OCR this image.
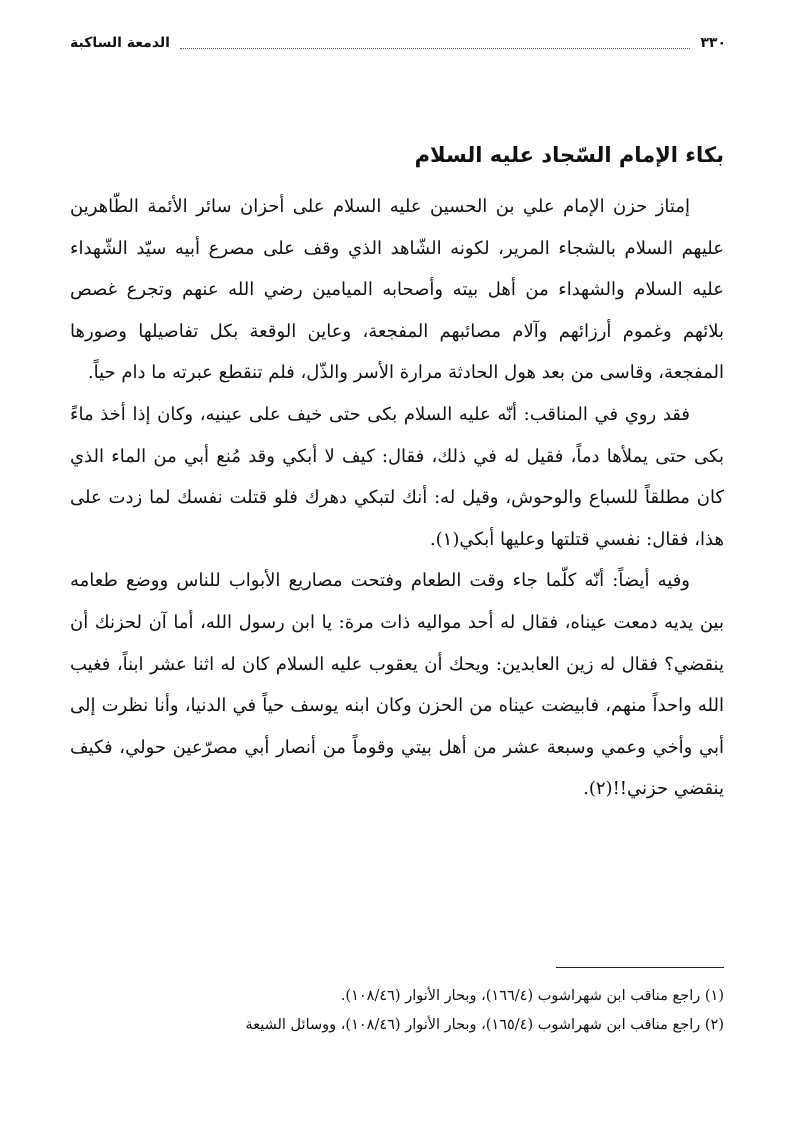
٣٣٠
الدمعة الساكبة
بكاء الإمام السّجاد عليه السلام

إمتاز حزن الإمام علي بن الحسين عليه السلام على أحزان سائر الأئمة الطّاهرين عليهم السلام بالشجاء المرير، لكونه الشّاهد الذي وقف على مصرع أبيه سيّد الشّهداء عليه السلام والشهداء من أهل بيته وأصحابه الميامين رضي الله عنهم وتجرع غصص بلائهم وغموم أرزائهم وآلام مصائبهم المفجعة، وعاين الوقعة بكل تفاصيلها وصورها المفجعة، وقاسى من بعد هول الحادثة مرارة الأسر والذّل، فلم تنقطع عبرته ما دام حياً.

فقد روي في المناقب: أنّه عليه السلام بكى حتى خيف على عينيه، وكان إذا أخذ ماءً بكى حتى يملأها دماً، فقيل له في ذلك، فقال: كيف لا أبكي وقد مُنع أبي من الماء الذي كان مطلقاً للسباع والوحوش، وقيل له: أنك لتبكي دهرك فلو قتلت نفسك لما زدت على هذا، فقال: نفسي قتلتها وعليها أبكي(١).

وفيه أيضاً: أنّه كلّما جاء وقت الطعام وفتحت مصاريع الأبواب للناس ووضع طعامه بين يديه دمعت عيناه، فقال له أحد مواليه ذات مرة: يا ابن رسول الله، أما آن لحزنك أن ينقضي؟ فقال له زين العابدين: ويحك أن يعقوب عليه السلام كان له اثنا عشر ابناً، فغيب الله واحداً منهم، فابيضت عيناه من الحزن وكان ابنه يوسف حياً في الدنيا، وأنا نظرت إلى أبي وأخي وعمي وسبعة عشر من أهل بيتي وقوماً من أنصار أبي مصرّعين حولي، فكيف ينقضي حزني!!(٢).

(١) راجع مناقب ابن شهراشوب (١٦٦/٤)، وبحار الأنوار (١٠٨/٤٦).

(٢) راجع مناقب ابن شهراشوب (١٦٥/٤)، وبحار الأنوار (١٠٨/٤٦)، ووسائل الشيعة
